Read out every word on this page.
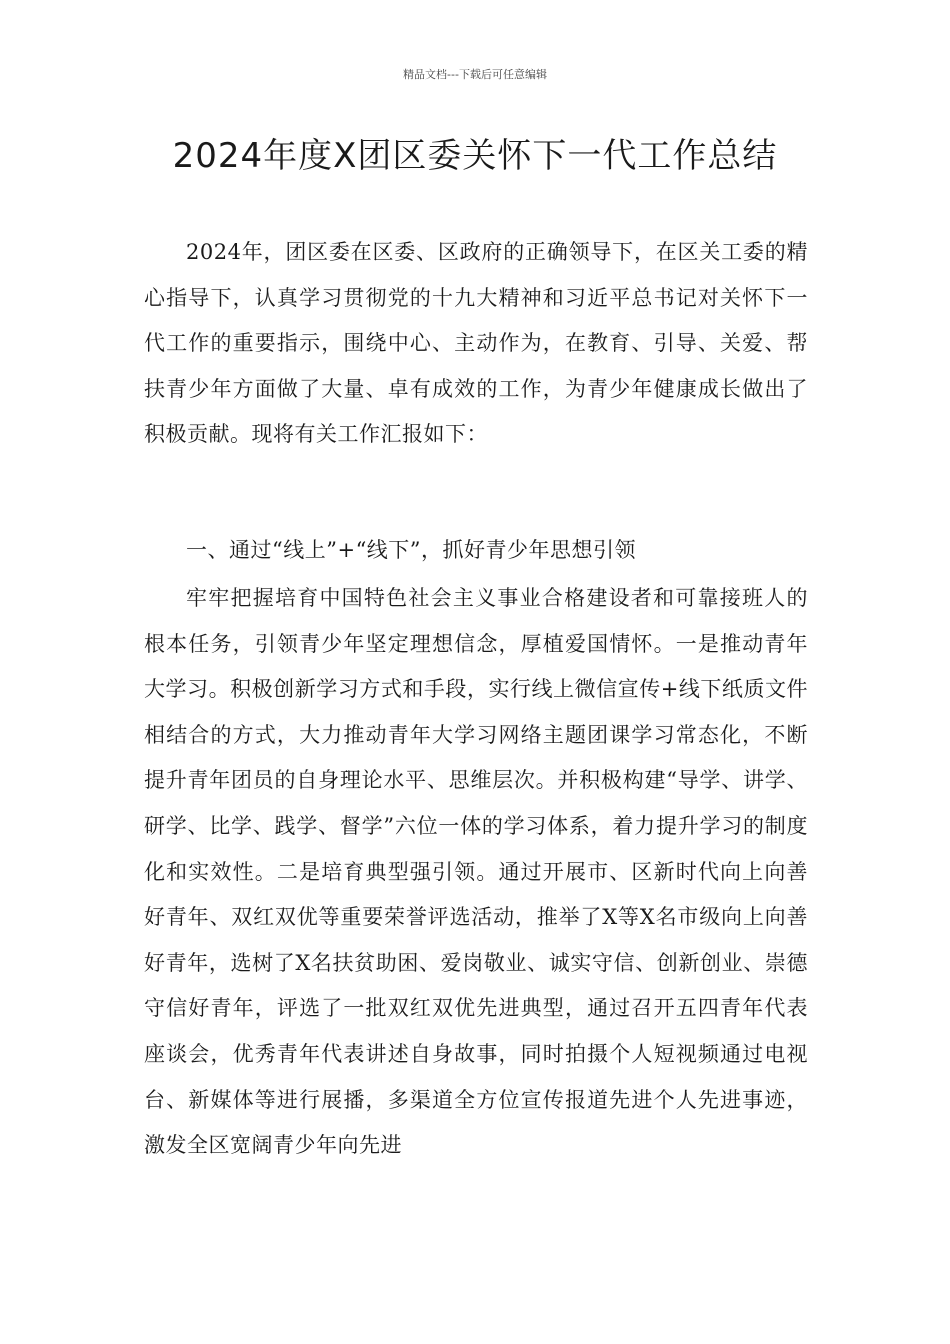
精品文档---下载后可任意编辑
2024年度X团区委关怀下一代工作总结

2024年，团区委在区委、区政府的正确领导下，在区关工委的精心指导下，认真学习贯彻党的十九大精神和习近平总书记对关怀下一代工作的重要指示，围绕中心、主动作为，在教育、引导、关爱、帮扶青少年方面做了大量、卓有成效的工作，为青少年健康成长做出了积极贡献。现将有关工作汇报如下：

一、通过“线上”+“线下”，抓好青少年思想引领

牢牢把握培育中国特色社会主义事业合格建设者和可靠接班人的根本任务，引领青少年坚定理想信念，厚植爱国情怀。一是推动青年大学习。积极创新学习方式和手段，实行线上微信宣传+线下纸质文件相结合的方式，大力推动青年大学习网络主题团课学习常态化，不断提升青年团员的自身理论水平、思维层次。并积极构建“导学、讲学、研学、比学、践学、督学”六位一体的学习体系，着力提升学习的制度化和实效性。二是培育典型强引领。通过开展市、区新时代向上向善好青年、双红双优等重要荣誉评选活动，推举了X等X名市级向上向善好青年，选树了X名扶贫助困、爱岗敬业、诚实守信、创新创业、崇德守信好青年，评选了一批双红双优先进典型，通过召开五四青年代表座谈会，优秀青年代表讲述自身故事，同时拍摄个人短视频通过电视台、新媒体等进行展播，多渠道全方位宣传报道先进个人先进事迹，激发全区宽阔青少年向先进
